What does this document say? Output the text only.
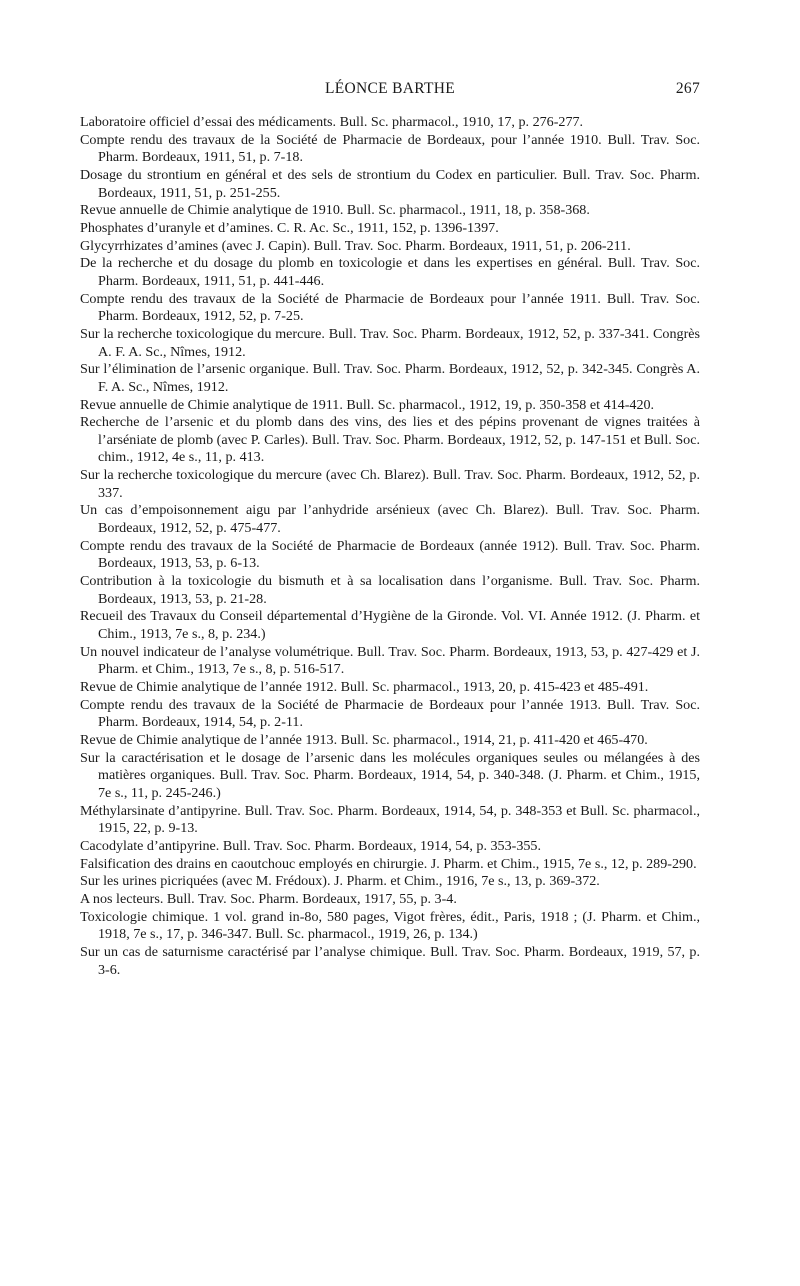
LÉONCE BARTHE	267

Laboratoire officiel d’essai des médicaments. Bull. Sc. pharmacol., 1910, 17, p. 276-277.

Compte rendu des travaux de la Société de Pharmacie de Bordeaux, pour l’année 1910. Bull. Trav. Soc. Pharm. Bordeaux, 1911, 51, p. 7-18.

Dosage du strontium en général et des sels de strontium du Codex en particulier. Bull. Trav. Soc. Pharm. Bordeaux, 1911, 51, p. 251-255.

Revue annuelle de Chimie analytique de 1910. Bull. Sc. pharmacol., 1911, 18, p. 358-368.

Phosphates d’uranyle et d’amines. C. R. Ac. Sc., 1911, 152, p. 1396-1397.

Glycyrrhizates d’amines (avec J. Capin). Bull. Trav. Soc. Pharm. Bordeaux, 1911, 51, p. 206-211.

De la recherche et du dosage du plomb en toxicologie et dans les expertises en général. Bull. Trav. Soc. Pharm. Bordeaux, 1911, 51, p. 441-446.

Compte rendu des travaux de la Société de Pharmacie de Bordeaux pour l’année 1911. Bull. Trav. Soc. Pharm. Bordeaux, 1912, 52, p. 7-25.

Sur la recherche toxicologique du mercure. Bull. Trav. Soc. Pharm. Bordeaux, 1912, 52, p. 337-341. Congrès A. F. A. Sc., Nîmes, 1912.

Sur l’élimination de l’arsenic organique. Bull. Trav. Soc. Pharm. Bordeaux, 1912, 52, p. 342-345. Congrès A. F. A. Sc., Nîmes, 1912.

Revue annuelle de Chimie analytique de 1911. Bull. Sc. pharmacol., 1912, 19, p. 350-358 et 414-420.

Recherche de l’arsenic et du plomb dans des vins, des lies et des pépins provenant de vignes traitées à l’arséniate de plomb (avec P. Carles). Bull. Trav. Soc. Pharm. Bordeaux, 1912, 52, p. 147-151 et Bull. Soc. chim., 1912, 4e s., 11, p. 413.

Sur la recherche toxicologique du mercure (avec Ch. Blarez). Bull. Trav. Soc. Pharm. Bordeaux, 1912, 52, p. 337.

Un cas d’empoisonnement aigu par l’anhydride arsénieux (avec Ch. Blarez). Bull. Trav. Soc. Pharm. Bordeaux, 1912, 52, p. 475-477.

Compte rendu des travaux de la Société de Pharmacie de Bordeaux (année 1912). Bull. Trav. Soc. Pharm. Bordeaux, 1913, 53, p. 6-13.

Contribution à la toxicologie du bismuth et à sa localisation dans l’organisme. Bull. Trav. Soc. Pharm. Bordeaux, 1913, 53, p. 21-28.

Recueil des Travaux du Conseil départemental d’Hygiène de la Gironde. Vol. VI. Année 1912. (J. Pharm. et Chim., 1913, 7e s., 8, p. 234.)

Un nouvel indicateur de l’analyse volumétrique. Bull. Trav. Soc. Pharm. Bordeaux, 1913, 53, p. 427-429 et J. Pharm. et Chim., 1913, 7e s., 8, p. 516-517.

Revue de Chimie analytique de l’année 1912. Bull. Sc. pharmacol., 1913, 20, p. 415-423 et 485-491.

Compte rendu des travaux de la Société de Pharmacie de Bordeaux pour l’année 1913. Bull. Trav. Soc. Pharm. Bordeaux, 1914, 54, p. 2-11.

Revue de Chimie analytique de l’année 1913. Bull. Sc. pharmacol., 1914, 21, p. 411-420 et 465-470.

Sur la caractérisation et le dosage de l’arsenic dans les molécules organiques seules ou mélangées à des matières organiques. Bull. Trav. Soc. Pharm. Bordeaux, 1914, 54, p. 340-348. (J. Pharm. et Chim., 1915, 7e s., 11, p. 245-246.)

Méthylarsinate d’antipyrine. Bull. Trav. Soc. Pharm. Bordeaux, 1914, 54, p. 348-353 et Bull. Sc. pharmacol., 1915, 22, p. 9-13.

Cacodylate d’antipyrine. Bull. Trav. Soc. Pharm. Bordeaux, 1914, 54, p. 353-355.

Falsification des drains en caoutchouc employés en chirurgie. J. Pharm. et Chim., 1915, 7e s., 12, p. 289-290.

Sur les urines picriquées (avec M. Frédoux). J. Pharm. et Chim., 1916, 7e s., 13, p. 369-372.

A nos lecteurs. Bull. Trav. Soc. Pharm. Bordeaux, 1917, 55, p. 3-4.

Toxicologie chimique. 1 vol. grand in-8o, 580 pages, Vigot frères, édit., Paris, 1918 ; (J. Pharm. et Chim., 1918, 7e s., 17, p. 346-347. Bull. Sc. pharmacol., 1919, 26, p. 134.)

Sur un cas de saturnisme caractérisé par l’analyse chimique. Bull. Trav. Soc. Pharm. Bordeaux, 1919, 57, p. 3-6.
